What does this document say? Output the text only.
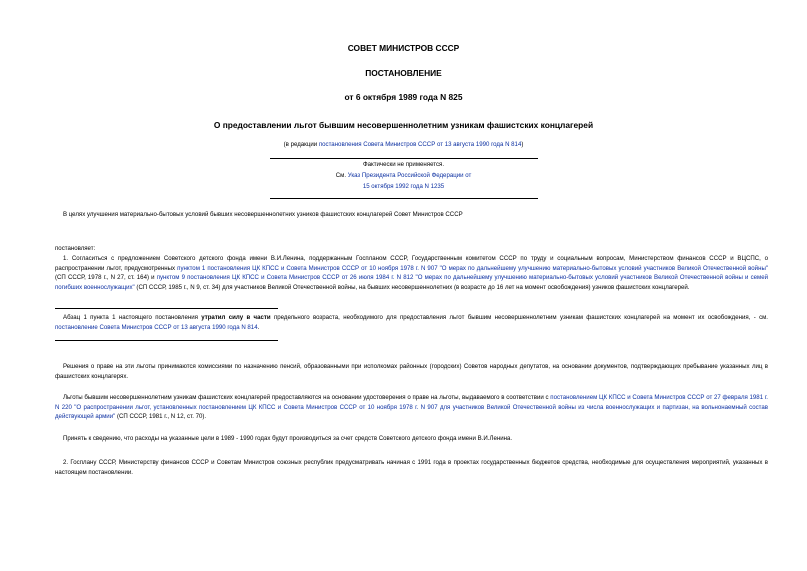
СОВЕТ МИНИСТРОВ СССР
ПОСТАНОВЛЕНИЕ
от 6 октября 1989 года N 825
О предоставлении льгот бывшим несовершеннолетним узникам фашистских концлагерей
(в редакции постановления Совета Министров СССР от 13 августа 1990 года N 814)
Фактически не применяется.
См. Указ Президента Российской Федерации от
15 октября 1992 года N 1235
В целях улучшения материально-бытовых условий бывших несовершеннолетних узников фашистских концлагерей Совет Министров СССР
постановляет:
1. Согласиться с предложением Советского детского фонда имени В.И.Ленина, поддержанным Госпланом СССР, Государственным комитетом СССР по труду и социальным вопросам, Министерством финансов СССР и ВЦСПС, о распространении льгот, предусмотренных пунктом 1 постановления ЦК КПСС и Совета Министров СССР от 10 ноября 1978 г. N 907 "О мерах по дальнейшему улучшению материально-бытовых условий участников Великой Отечественной войны" (СП СССР, 1978 г., N 27, ст. 164) и пунктом 9 постановления ЦК КПСС и Совета Министров СССР от 26 июля 1984 г. N 812 "О мерах по дальнейшему улучшению материально-бытовых условий участников Великой Отечественной войны и семей погибших военнослужащих" (СП СССР, 1985 г., N 9, ст. 34) для участников Великой Отечественной войны, на бывших несовершеннолетних (в возрасте до 16 лет на момент освобождения) узников фашистских концлагерей.
Абзац 1 пункта 1 настоящего постановления утратил силу в части предельного возраста, необходимого для предоставления льгот бывшим несовершеннолетним узникам фашистских концлагерей на момент их освобождения, - см. постановление Совета Министров СССР от 13 августа 1990 года N 814.
Решения о праве на эти льготы принимаются комиссиями по назначению пенсий, образованными при исполкомах районных (городских) Советов народных депутатов, на основании документов, подтверждающих пребывание указанных лиц в фашистских концлагерях.
Льготы бывшим несовершеннолетним узникам фашистских концлагерей предоставляются на основании удостоверения о праве на льготы, выдаваемого в соответствии с постановлением ЦК КПСС и Совета Министров СССР от 27 февраля 1981 г. N 220 "О распространении льгот, установленных постановлением ЦК КПСС и Совета Министров СССР от 10 ноября 1978 г. N 907 для участников Великой Отечественной войны из числа военнослужащих и партизан, на вольнонаемный состав действующей армии" (СП СССР, 1981 г., N 12, ст. 70).
Принять к сведению, что расходы на указанные цели в 1989 - 1990 годах будут производиться за счет средств Советского детского фонда имени В.И.Ленина.
2. Госплану СССР, Министерству финансов СССР и Советам Министров союзных республик предусматривать начиная с 1991 года в проектах государственных бюджетов средства, необходимые для осуществления мероприятий, указанных в настоящем постановлении.
